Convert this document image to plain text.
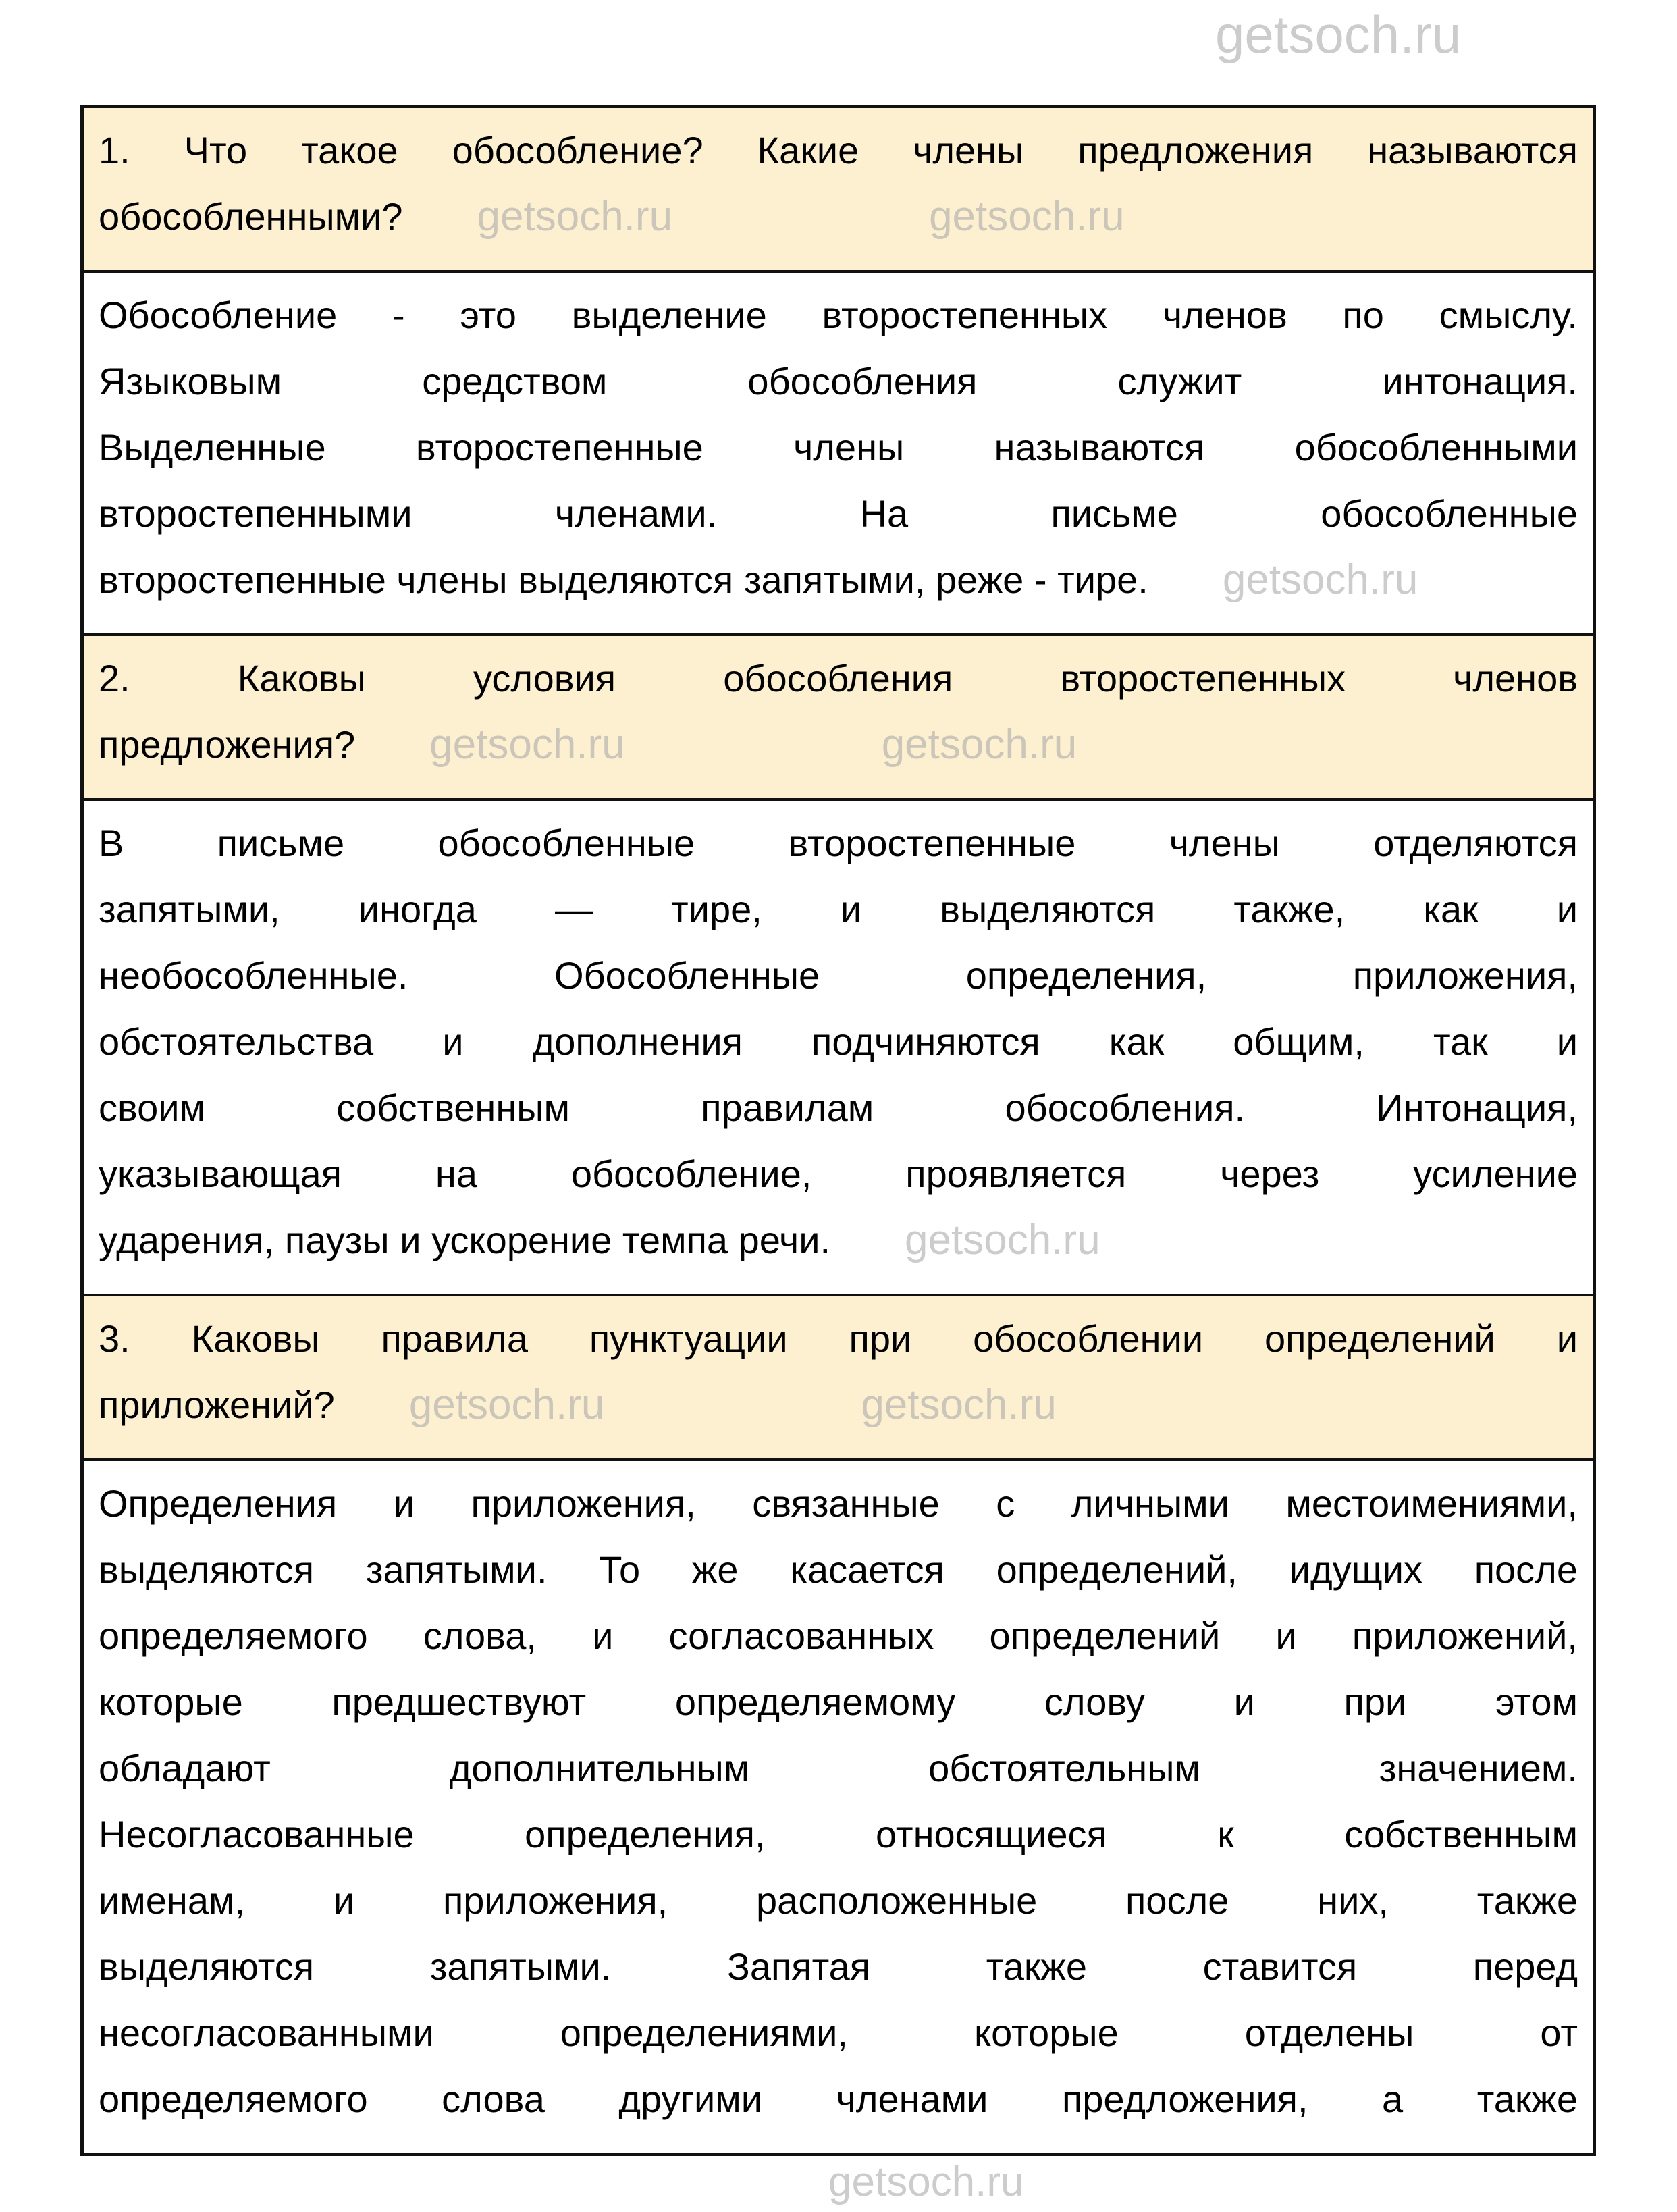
1. Что такое обособление? Какие члены предложения называются
обособленными? getsoch.ru	getsoch.ru
Обособление - это выделение второстепенных членов по смыслу.
Языковым средством обособления служит интонация.
Выделенные второстепенные члены называются обособленными
второстепенными членами. На письме обособленные
второстепенные члены выделяются запятыми, реже - тире. getsoch.ru
2. Каковы условия обособления второстепенных членов
предложения? getsoch.ru	getsoch.ru
В письме обособленные второстепенные члены отделяются
запятыми, иногда — тире, и выделяются также, как и
необособленные. Обособленные определения, приложения,
обстоятельства и дополнения подчиняются как общим, так и
своим собственным правилам обособления. Интонация,
указывающая на обособление, проявляется через усиление
ударения, паузы и ускорение темпа речи. getsoch.ru
3. Каковы правила пунктуации при обособлении определений и
приложений? getsoch.ru	getsoch.ru
Определения и приложения, связанные с личными местоимениями,
выделяются запятыми. То же касается определений, идущих после
определяемого слова, и согласованных определений и приложений,
которые предшествуют определяемому слову и при этом
обладают дополнительным обстоятельным значением.
Несогласованные определения, относящиеся к собственным
именам, и приложения, расположенные после них, также
выделяются запятыми. Запятая также ставится перед
несогласованными определениями, которые отделены от
определяемого слова другими членами предложения, а также
getsoch.ru
getsoch.ru
